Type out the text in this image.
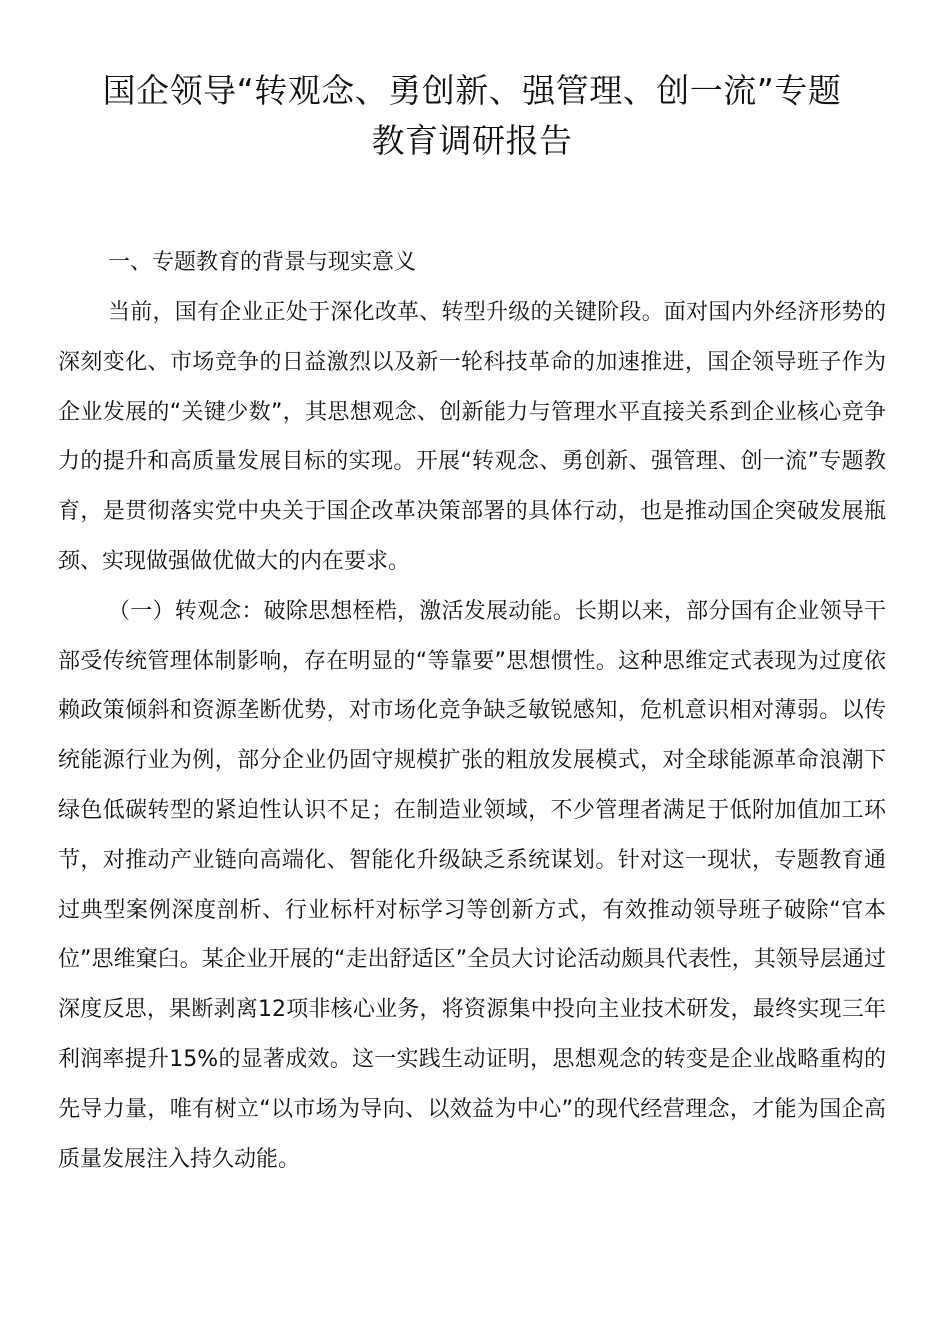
国企领导“转观念、勇创新、强管理、创一流”专题
教育调研报告

一、专题教育的背景与现实意义

当前，国有企业正处于深化改革、转型升级的关键阶段。面对国内外经济形势的深刻变化、市场竞争的日益激烈以及新一轮科技革命的加速推进，国企领导班子作为企业发展的“关键少数”，其思想观念、创新能力与管理水平直接关系到企业核心竞争力的提升和高质量发展目标的实现。开展“转观念、勇创新、强管理、创一流”专题教育，是贯彻落实党中央关于国企改革决策部署的具体行动，也是推动国企突破发展瓶颈、实现做强做优做大的内在要求。

（一）转观念：破除思想桎梏，激活发展动能。长期以来，部分国有企业领导干部受传统管理体制影响，存在明显的“等靠要”思想惯性。这种思维定式表现为过度依赖政策倾斜和资源垄断优势，对市场化竞争缺乏敏锐感知，危机意识相对薄弱。以传统能源行业为例，部分企业仍固守规模扩张的粗放发展模式，对全球能源革命浪潮下绿色低碳转型的紧迫性认识不足；在制造业领域，不少管理者满足于低附加值加工环节，对推动产业链向高端化、智能化升级缺乏系统谋划。针对这一现状，专题教育通过典型案例深度剖析、行业标杆对标学习等创新方式，有效推动领导班子破除“官本位”思维窠臼。某企业开展的“走出舒适区”全员大讨论活动颇具代表性，其领导层通过深度反思，果断剥离12项非核心业务，将资源集中投向主业技术研发，最终实现三年利润率提升15%的显著成效。这一实践生动证明，思想观念的转变是企业战略重构的先导力量，唯有树立“以市场为导向、以效益为中心”的现代经营理念，才能为国企高质量发展注入持久动能。
